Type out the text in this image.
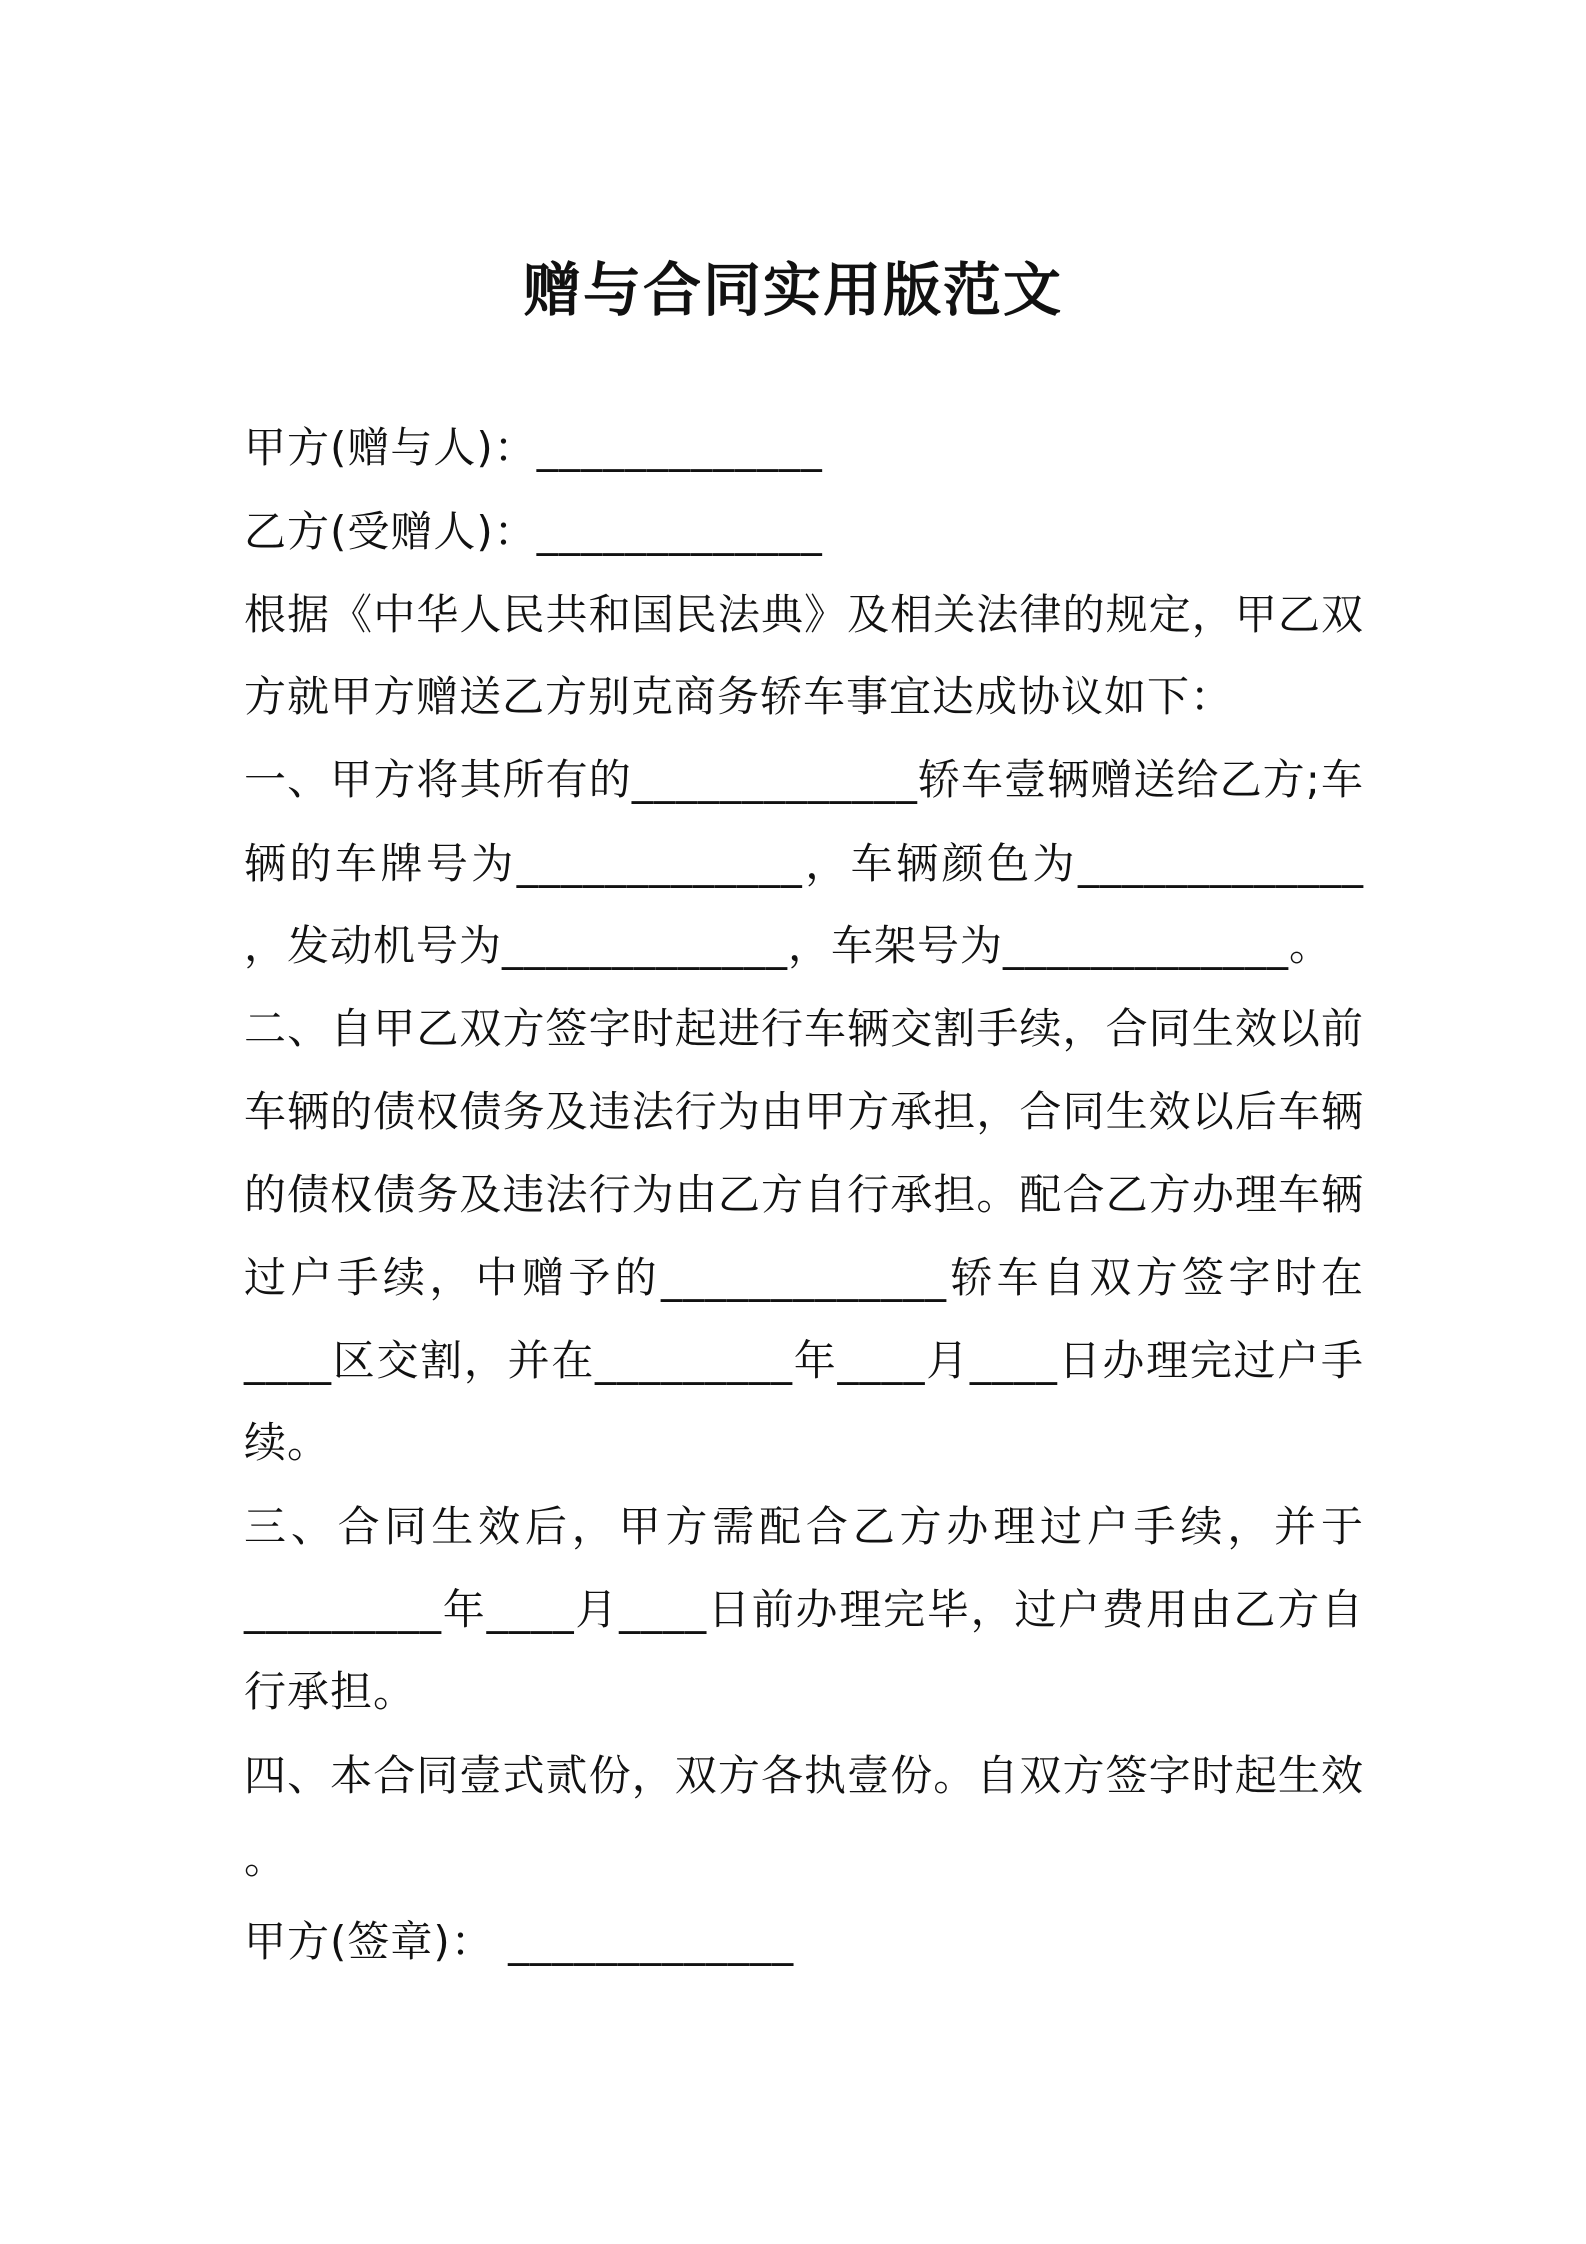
赠与合同实用版范文
甲方(赠与人)：_____________
乙方(受赠人)：_____________
根据《中华人民共和国民法典》及相关法律的规定，甲乙双
方就甲方赠送乙方别克商务轿车事宜达成协议如下：
一、甲方将其所有的_____________轿车壹辆赠送给乙方;车
辆的车牌号为_____________，车辆颜色为_____________
，发动机号为_____________，车架号为_____________。
二、自甲乙双方签字时起进行车辆交割手续，合同生效以前
车辆的债权债务及违法行为由甲方承担，合同生效以后车辆
的债权债务及违法行为由乙方自行承担。配合乙方办理车辆
过户手续，中赠予的_____________轿车自双方签字时在
____区交割，并在_________年____月____日办理完过户手
续。
三、合同生效后，甲方需配合乙方办理过户手续，并于
_________年____月____日前办理完毕，过户费用由乙方自
行承担。
四、本合同壹式贰份，双方各执壹份。自双方签字时起生效
。
甲方(签章)： _____________
